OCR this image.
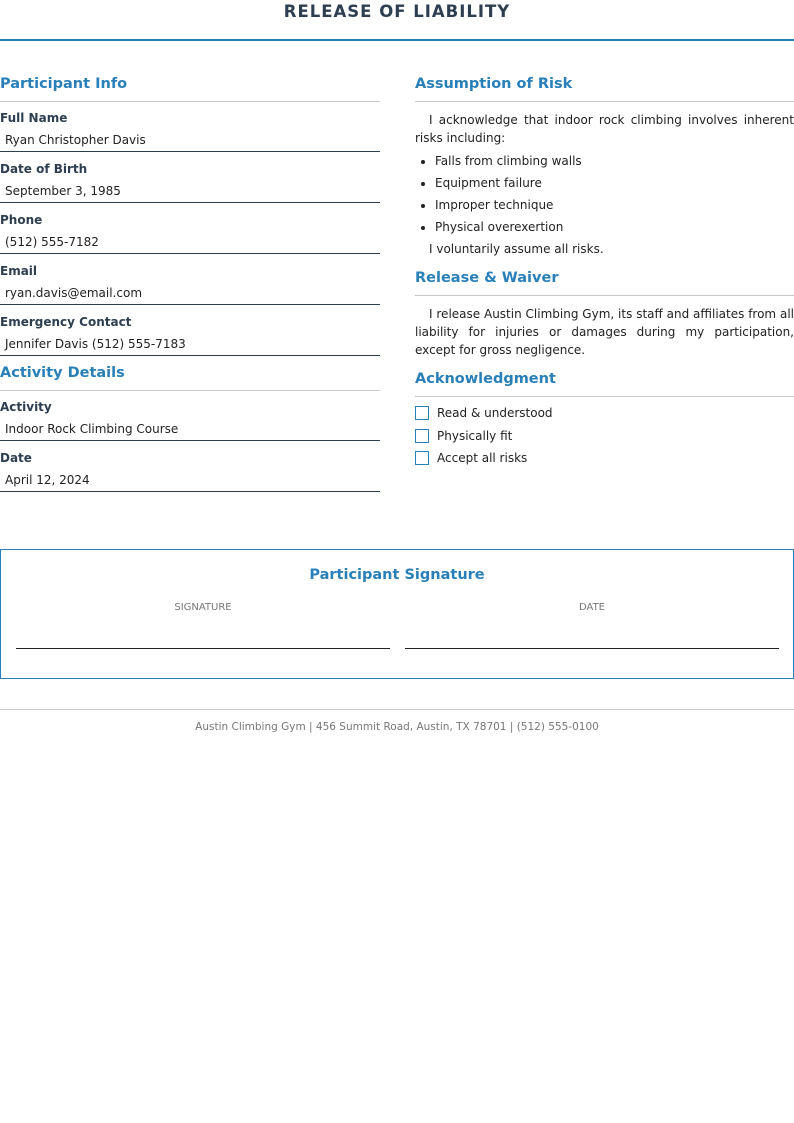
RELEASE OF LIABILITY
Participant Info
Full Name
Ryan Christopher Davis
Date of Birth
September 3, 1985
Phone
(512) 555-7182
Email
ryan.davis@email.com
Emergency Contact
Jennifer Davis (512) 555-7183
Activity Details
Activity
Indoor Rock Climbing Course
Date
April 12, 2024
Assumption of Risk

I acknowledge that indoor rock climbing involves inherent risks including:

• Falls from climbing walls
• Equipment failure
• Improper technique
• Physical overexertion

I voluntarily assume all risks.

Release & Waiver

I release Austin Climbing Gym, its staff and affiliates from all liability for injuries or damages during my participation, except for gross negligence.

Acknowledgment
Read & understood
Physically fit
Accept all risks
Participant Signature
SIGNATURE	DATE
Austin Climbing Gym | 456 Summit Road, Austin, TX 78701 | (512) 555-0100
